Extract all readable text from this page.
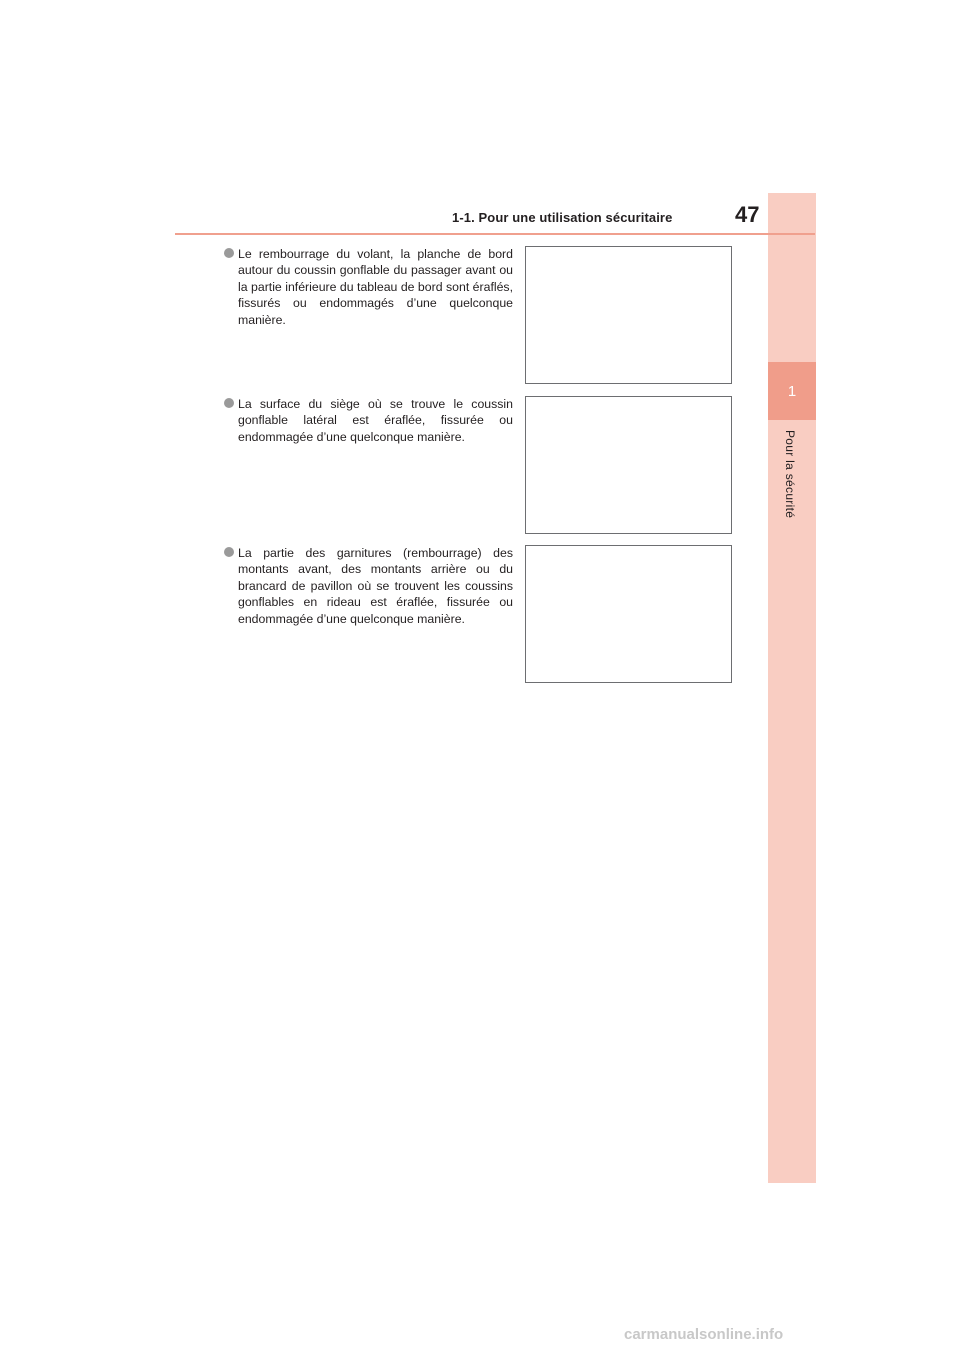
1
Pour la sécurité
1-1. Pour une utilisation sécuritaire	47
Le rembourrage du volant, la planche de bord autour du coussin gonflable du passager avant ou la partie inférieure du tableau de bord sont éraflés, fissurés ou endommagés d’une quelconque manière.
La surface du siège où se trouve le coussin gonflable latéral est éraflée, fissurée ou endommagée d’une quelconque manière.
La partie des garnitures (rembourrage) des montants avant, des montants arrière ou du brancard de pavillon où se trouvent les coussins gonflables en rideau est éraflée, fissurée ou endommagée d’une quelconque manière.
carmanualsonline.info
